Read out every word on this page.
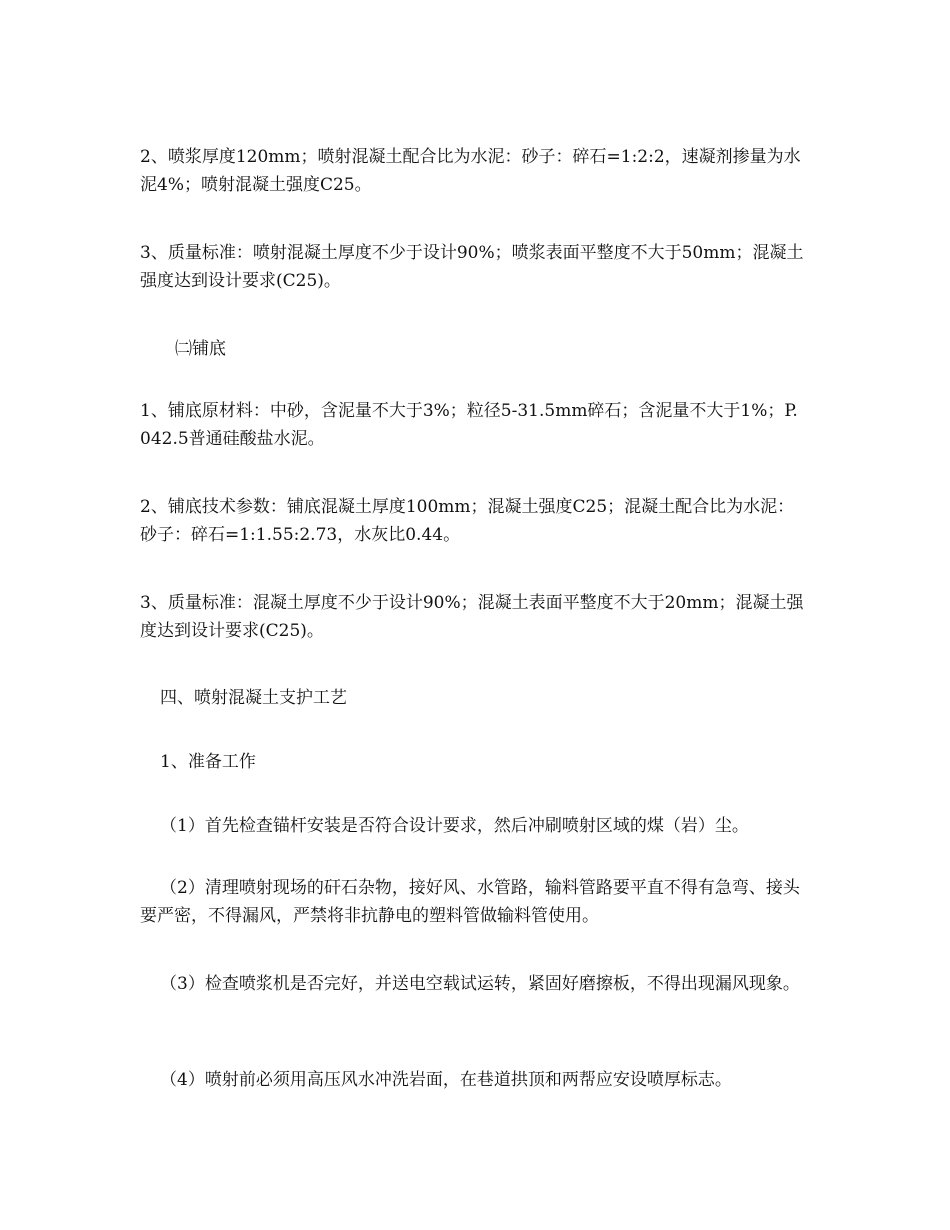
2、喷浆厚度120mm；喷射混凝土配合比为水泥：砂子：碎石=1:2:2，速凝剂掺量为水泥4%；喷射混凝土强度C25。

3、质量标准：喷射混凝土厚度不少于设计90%；喷浆表面平整度不大于50mm；混凝土强度达到设计要求(C25)。

㈡铺底

1、铺底原材料：中砂，含泥量不大于3%；粒径5-31.5mm碎石；含泥量不大于1%；P.042.5普通硅酸盐水泥。

2、铺底技术参数：铺底混凝土厚度100mm；混凝土强度C25；混凝土配合比为水泥：砂子：碎石=1:1.55:2.73，水灰比0.44。

3、质量标准：混凝土厚度不少于设计90%；混凝土表面平整度不大于20mm；混凝土强度达到设计要求(C25)。

四、喷射混凝土支护工艺

1、准备工作

（1）首先检查锚杆安装是否符合设计要求，然后冲刷喷射区域的煤（岩）尘。

（2）清理喷射现场的矸石杂物，接好风、水管路，输料管路要平直不得有急弯、接头要严密，不得漏风，严禁将非抗静电的塑料管做输料管使用。

（3）检查喷浆机是否完好，并送电空载试运转，紧固好磨擦板，不得出现漏风现象。

（4）喷射前必须用高压风水冲洗岩面，在巷道拱顶和两帮应安设喷厚标志。
